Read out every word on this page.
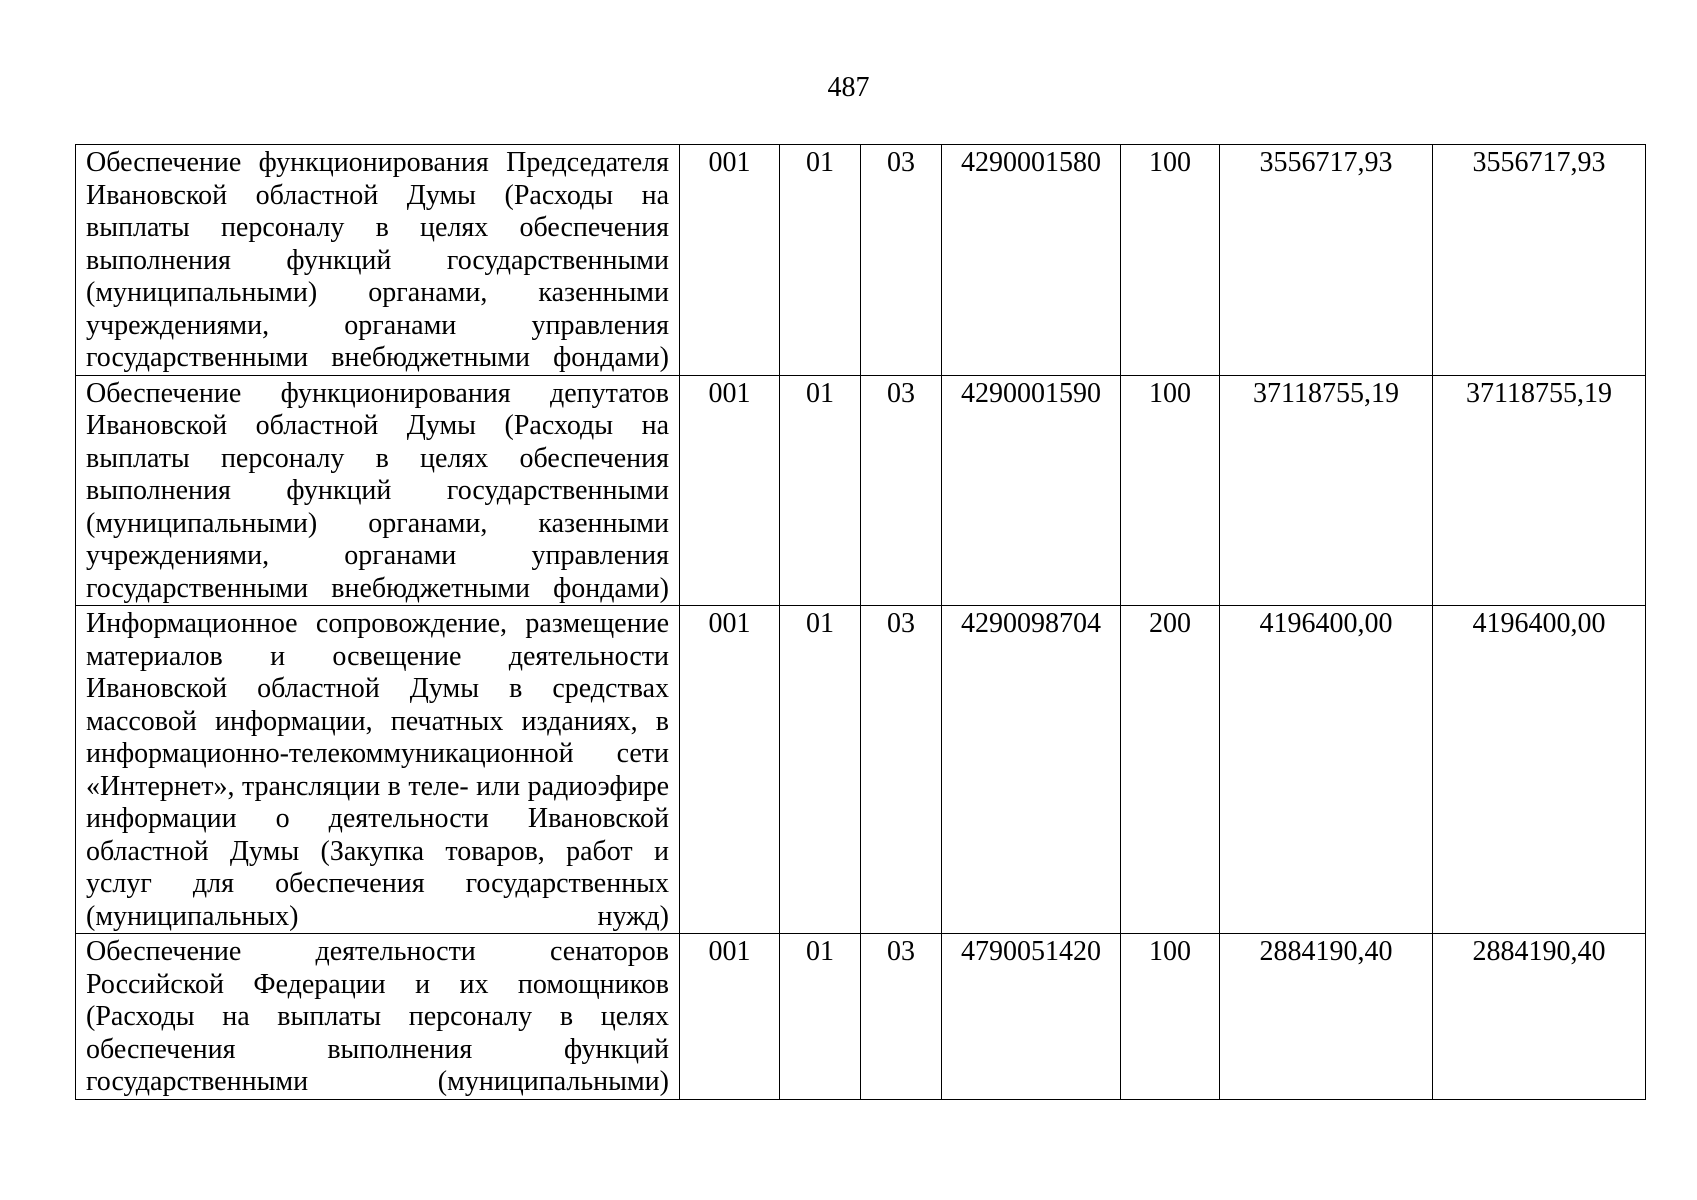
487
Обеспечение функционирования Председателя Ивановской областной Думы (Расходы на выплаты персоналу в целях обеспечения выполнения функций государственными (муниципальными) органами, казенными учреждениями, органами управления государственными внебюджетными фондами)	001	01	03	4290001580	100	3556717,93	3556717,93
Обеспечение функционирования депутатов Ивановской областной Думы (Расходы на выплаты персоналу в целях обеспечения выполнения функций государственными (муниципальными) органами, казенными учреждениями, органами управления государственными внебюджетными фондами)	001	01	03	4290001590	100	37118755,19	37118755,19
Информационное сопровождение, размещение материалов и освещение деятельности Ивановской областной Думы в средствах массовой информации, печатных изданиях, в информационно-телекоммуникационной сети «Интернет», трансляции в теле- или радиоэфире информации о деятельности Ивановской областной Думы (Закупка товаров, работ и услуг для обеспечения государственных (муниципальных) нужд)	001	01	03	4290098704	200	4196400,00	4196400,00
Обеспечение деятельности сенаторов Российской Федерации и их помощников (Расходы на выплаты персоналу в целях обеспечения выполнения функций государственными (муниципальными)	001	01	03	4790051420	100	2884190,40	2884190,40
